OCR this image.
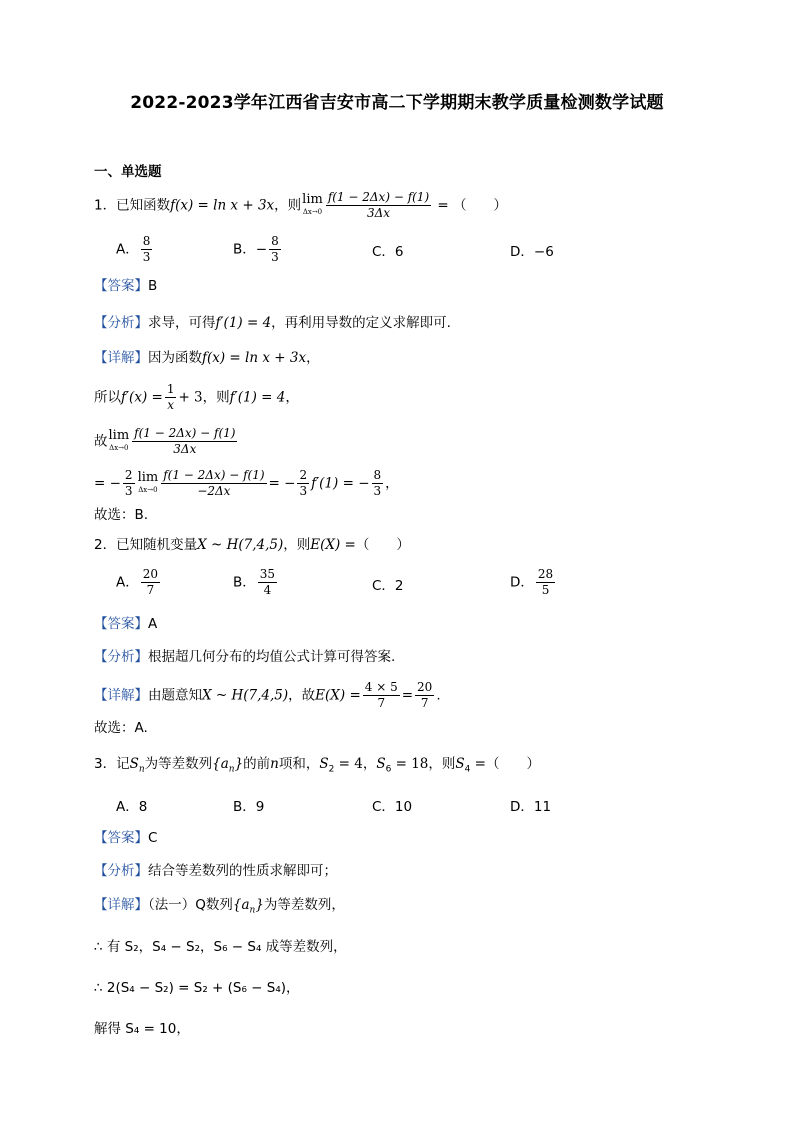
2022-2023学年江西省吉安市高二下学期期末教学质量检测数学试题
一、单选题
1．已知函数f(x) = ln x + 3x，则 lim
$\Delta x\to 0 \frac{f(1 - 2\Delta x) - f(1)}{3\Delta x}$ = （　　）
A． $\frac{8}{3}$	B．− $\frac{8}{3}$	C．6	D．−6
【答案】B
【分析】求导，可得f′(1) = 4，再利用导数的定义求解即可.
【详解】因为函数f(x) = ln x + 3x，
所以$f'(x) = \frac{1}{x} + 3$，则f′(1) = 4，
故 lim
$\Delta x\to 0 \frac{f(1 - 2\Delta x) - f(1)}{3\Delta x}$
= − $\frac{2}{3}$ lim
$\Delta x\to 0 \frac{f(1 - 2\Delta x) - f(1)}{-2\Delta x}$ = − $\frac{2}{3} f'(1)$ = − $\frac{8}{3}$ ，
故选：B.
2．已知随机变量X ~ H(7,4,5)，则E(X) =（　　）
A． $\frac{20}{7}$	B． $\frac{35}{4}$	C．2	D． $\frac{28}{5}$
【答案】A
【分析】根据超几何分布的均值公式计算可得答案.
【详解】由题意知X ~ H(7,4,5)，故$E(X) = \frac{4 \times 5}{7} = \frac{20}{7}$ .
故选：A.
3．记$S_n$为等差数列$\{a_n\}$的前n项和，$S_2 = 4$，$S_6 = 18$，则$S_4$ =（　　）
A．8	B．9	C．10	D．11
【答案】C
【分析】结合等差数列的性质求解即可；
【详解】（法一）Q数列$\{a_n\}$为等差数列，
∴ 有 S₂，S₄ − S₂，S₆ − S₄ 成等差数列，
∴ 2(S₄ − S₂) = S₂ + (S₆ − S₄)，
解得 S₄ = 10，
